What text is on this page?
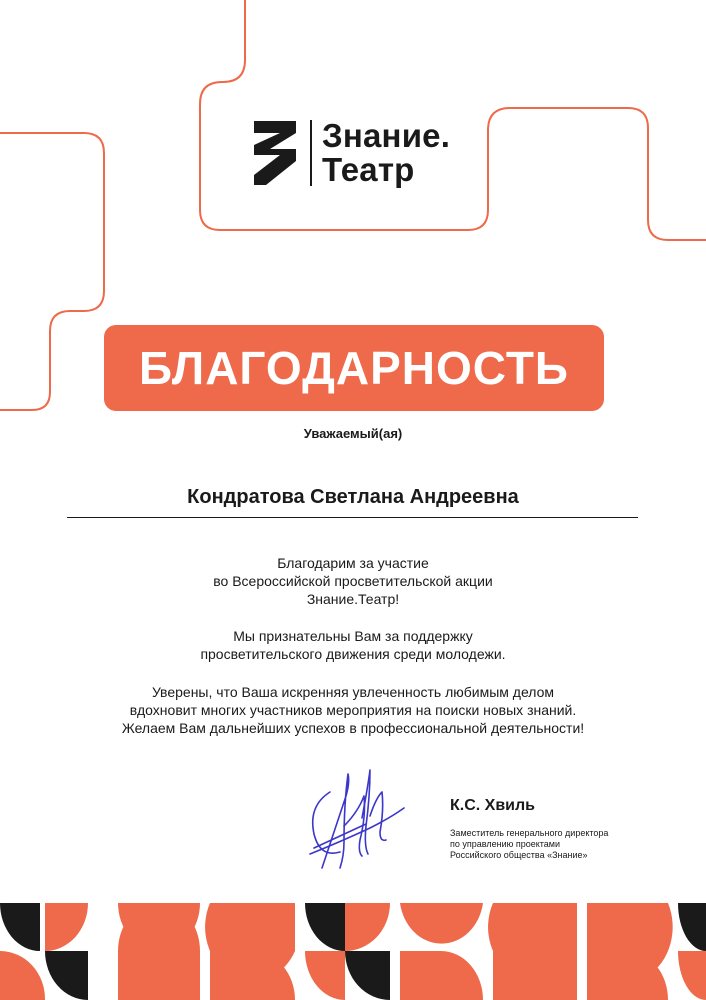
Знание.
Театр
БЛАГОДАРНОСТЬ
Уважаемый(ая)
Кондратова Светлана Андреевна
Благодарим за участие
во Всероссийской просветительской акции
Знание.Театр!
Мы признательны Вам за поддержку
просветительского движения среди молодежи.
Уверены, что Ваша искренняя увлеченность любимым делом
вдохновит многих участников мероприятия на поиски новых знаний.
Желаем Вам дальнейших успехов в профессиональной деятельности!
К.С. Хвиль
Заместитель генерального директора
по управлению проектами
Российского общества «Знание»
